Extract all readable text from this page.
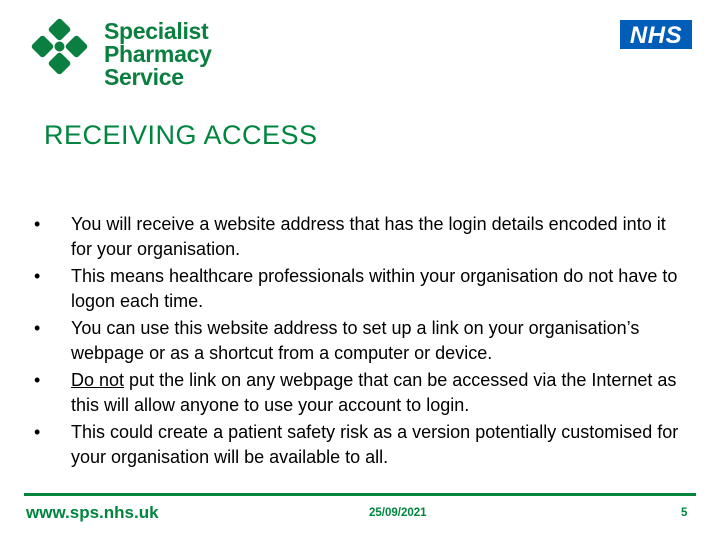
Specialist
Pharmacy
Service
NHS
RECEIVING ACCESS
• You will receive a website address that has the login details encoded into it for your organisation.
• This means healthcare professionals within your organisation do not have to logon each time.
• You can use this website address to set up a link on your organisation’s webpage or as a shortcut from a computer or device.
• Do not put the link on any webpage that can be accessed via the Internet as this will allow anyone to use your account to login.
• This could create a patient safety risk as a version potentially customised for your organisation will be available to all.
www.sps.nhs.uk	25/09/2021	5
